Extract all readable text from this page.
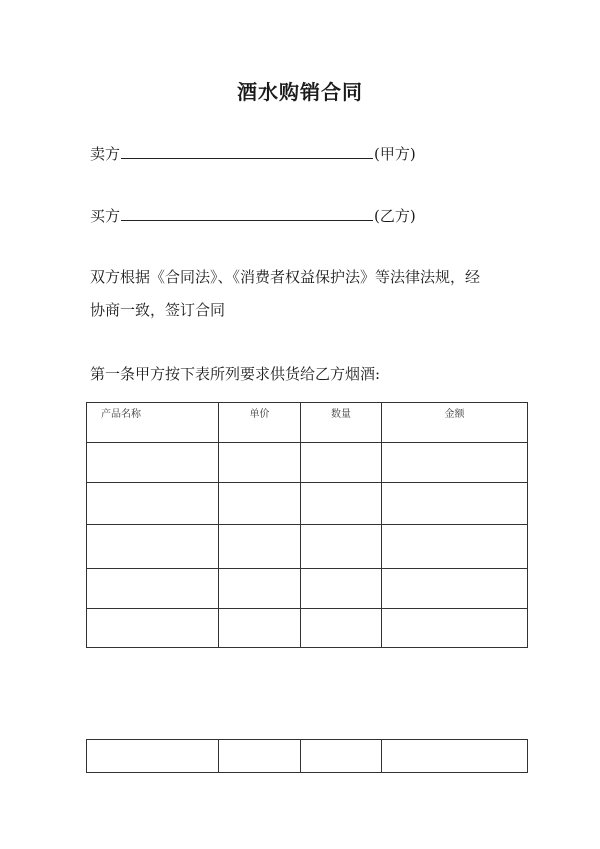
酒水购销合同
卖方	(甲方)
买方	(乙方)
双方根据《合同法》、《消费者权益保护法》等法律法规，经
协商一致，签订合同
第一条甲方按下表所列要求供货给乙方烟酒:
产品名称	单价	数量	金额
